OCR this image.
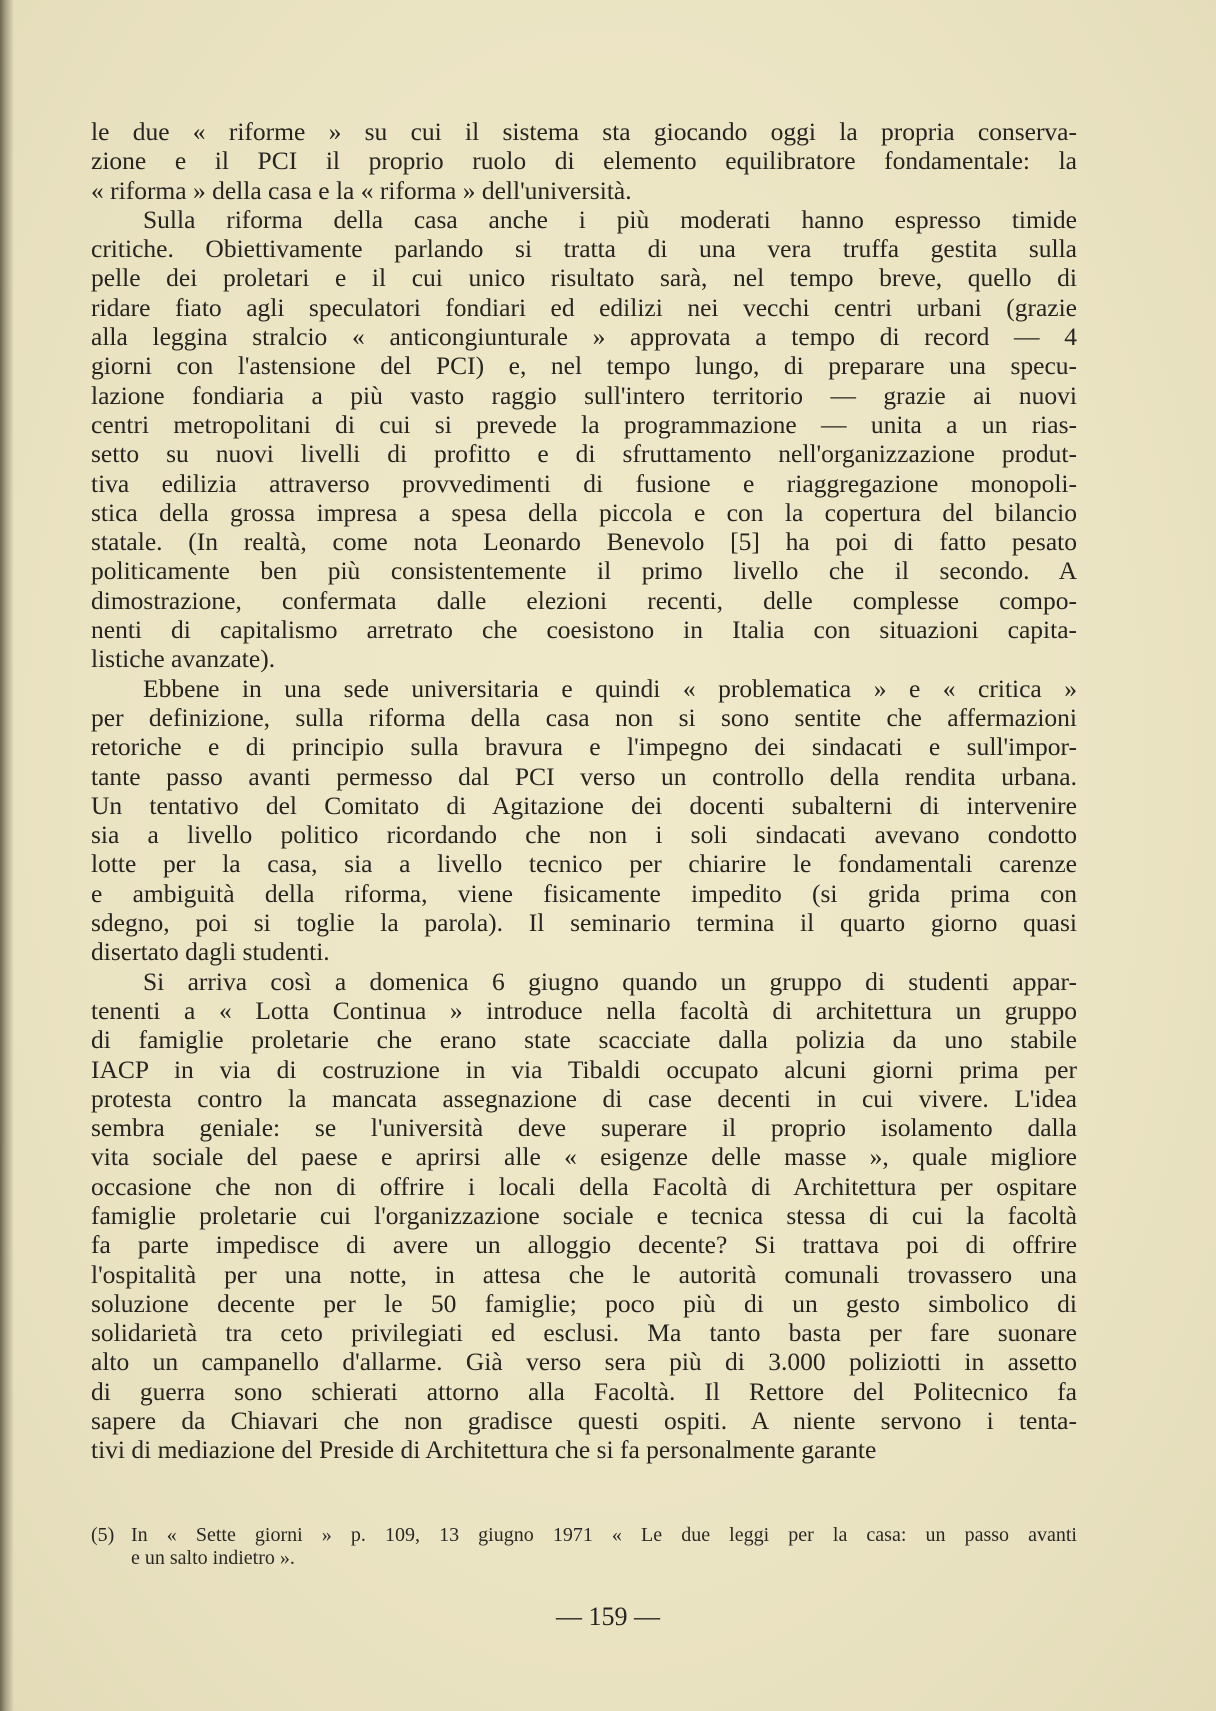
le due « riforme » su cui il sistema sta giocando oggi la propria conserva-
zione e il PCI il proprio ruolo di elemento equilibratore fondamentale: la
« riforma » della casa e la « riforma » dell'università.

Sulla riforma della casa anche i più moderati hanno espresso timide
critiche. Obiettivamente parlando si tratta di una vera truffa gestita sulla
pelle dei proletari e il cui unico risultato sarà, nel tempo breve, quello di
ridare fiato agli speculatori fondiari ed edilizi nei vecchi centri urbani (grazie
alla leggina stralcio « anticongiunturale » approvata a tempo di record — 4
giorni con l'astensione del PCI) e, nel tempo lungo, di preparare una specu-
lazione fondiaria a più vasto raggio sull'intero territorio — grazie ai nuovi
centri metropolitani di cui si prevede la programmazione — unita a un rias-
setto su nuovi livelli di profitto e di sfruttamento nell'organizzazione produt-
tiva edilizia attraverso provvedimenti di fusione e riaggregazione monopoli-
stica della grossa impresa a spesa della piccola e con la copertura del bilancio
statale. (In realtà, come nota Leonardo Benevolo [5] ha poi di fatto pesato
politicamente ben più consistentemente il primo livello che il secondo. A
dimostrazione, confermata dalle elezioni recenti, delle complesse compo-
nenti di capitalismo arretrato che coesistono in Italia con situazioni capita-
listiche avanzate).

Ebbene in una sede universitaria e quindi « problematica » e « critica »
per definizione, sulla riforma della casa non si sono sentite che affermazioni
retoriche e di principio sulla bravura e l'impegno dei sindacati e sull'impor-
tante passo avanti permesso dal PCI verso un controllo della rendita urbana.
Un tentativo del Comitato di Agitazione dei docenti subalterni di intervenire
sia a livello politico ricordando che non i soli sindacati avevano condotto
lotte per la casa, sia a livello tecnico per chiarire le fondamentali carenze
e ambiguità della riforma, viene fisicamente impedito (si grida prima con
sdegno, poi si toglie la parola). Il seminario termina il quarto giorno quasi
disertato dagli studenti.

Si arriva così a domenica 6 giugno quando un gruppo di studenti appar-
tenenti a « Lotta Continua » introduce nella facoltà di architettura un gruppo
di famiglie proletarie che erano state scacciate dalla polizia da uno stabile
IACP in via di costruzione in via Tibaldi occupato alcuni giorni prima per
protesta contro la mancata assegnazione di case decenti in cui vivere. L'idea
sembra geniale: se l'università deve superare il proprio isolamento dalla
vita sociale del paese e aprirsi alle « esigenze delle masse », quale migliore
occasione che non di offrire i locali della Facoltà di Architettura per ospitare
famiglie proletarie cui l'organizzazione sociale e tecnica stessa di cui la facoltà
fa parte impedisce di avere un alloggio decente? Si trattava poi di offrire
l'ospitalità per una notte, in attesa che le autorità comunali trovassero una
soluzione decente per le 50 famiglie; poco più di un gesto simbolico di
solidarietà tra ceto privilegiati ed esclusi. Ma tanto basta per fare suonare
alto un campanello d'allarme. Già verso sera più di 3.000 poliziotti in assetto
di guerra sono schierati attorno alla Facoltà. Il Rettore del Politecnico fa
sapere da Chiavari che non gradisce questi ospiti. A niente servono i tenta-
tivi di mediazione del Preside di Architettura che si fa personalmente garante

(5) In « Sette giorni » p. 109, 13 giugno 1971 « Le due leggi per la casa: un passo avanti
e un salto indietro ».
— 159 —
